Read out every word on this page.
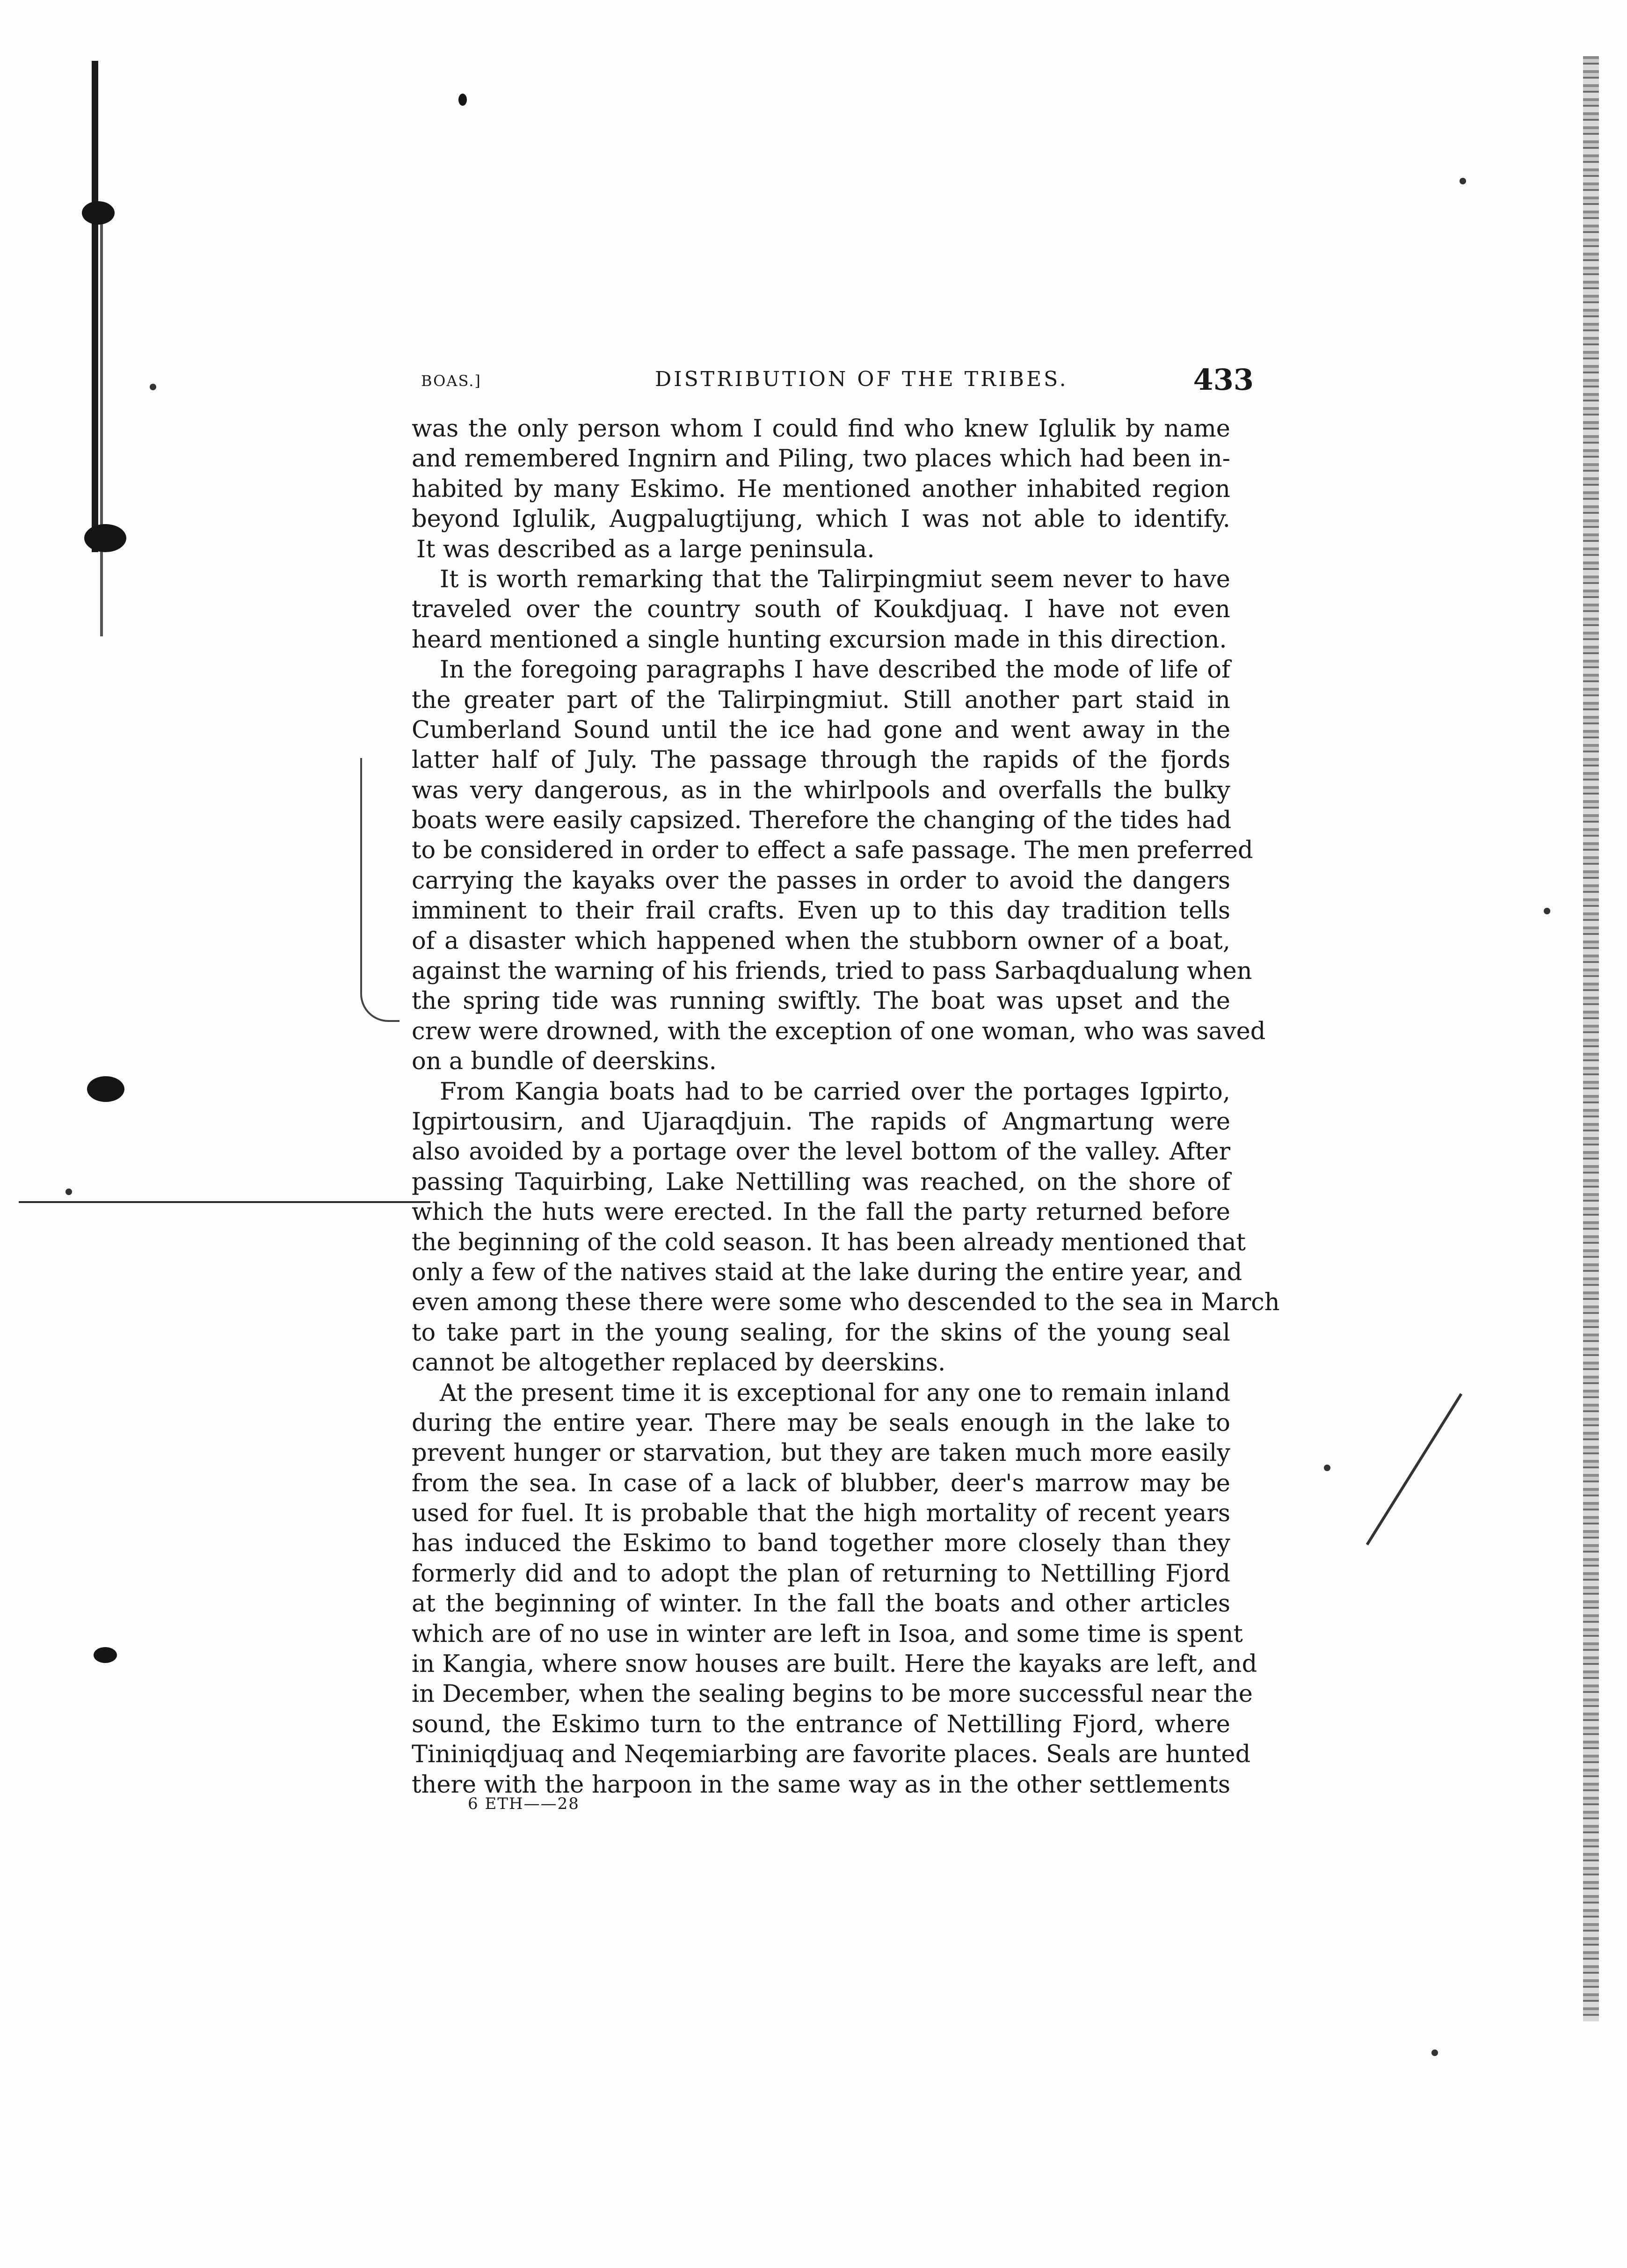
BOAS.]	DISTRIBUTION OF THE TRIBES.	433
was the only person whom I could find who knew Iglulik by name
and remembered Ingnirn and Piling, two places which had been in-
habited by many Eskimo. He mentioned another inhabited region
beyond Iglulik, Augpalugtijung, which I was not able to identify.
It was described as a large peninsula.
It is worth remarking that the Talirpingmiut seem never to have
traveled over the country south of Koukdjuaq. I have not even
heard mentioned a single hunting excursion made in this direction.
In the foregoing paragraphs I have described the mode of life of
the greater part of the Talirpingmiut. Still another part staid in
Cumberland Sound until the ice had gone and went away in the
latter half of July. The passage through the rapids of the fjords
was very dangerous, as in the whirlpools and overfalls the bulky
boats were easily capsized. Therefore the changing of the tides had
to be considered in order to effect a safe passage. The men preferred
carrying the kayaks over the passes in order to avoid the dangers
imminent to their frail crafts. Even up to this day tradition tells
of a disaster which happened when the stubborn owner of a boat,
against the warning of his friends, tried to pass Sarbaqdualung when
the spring tide was running swiftly. The boat was upset and the
crew were drowned, with the exception of one woman, who was saved
on a bundle of deerskins.
From Kangia boats had to be carried over the portages Igpirto,
Igpirtousirn, and Ujaraqdjuin. The rapids of Angmartung were
also avoided by a portage over the level bottom of the valley. After
passing Taquirbing, Lake Nettilling was reached, on the shore of
which the huts were erected. In the fall the party returned before
the beginning of the cold season. It has been already mentioned that
only a few of the natives staid at the lake during the entire year, and
even among these there were some who descended to the sea in March
to take part in the young sealing, for the skins of the young seal
cannot be altogether replaced by deerskins.
At the present time it is exceptional for any one to remain inland
during the entire year. There may be seals enough in the lake to
prevent hunger or starvation, but they are taken much more easily
from the sea. In case of a lack of blubber, deer's marrow may be
used for fuel. It is probable that the high mortality of recent years
has induced the Eskimo to band together more closely than they
formerly did and to adopt the plan of returning to Nettilling Fjord
at the beginning of winter. In the fall the boats and other articles
which are of no use in winter are left in Isoa, and some time is spent
in Kangia, where snow houses are built. Here the kayaks are left, and
in December, when the sealing begins to be more successful near the
sound, the Eskimo turn to the entrance of Nettilling Fjord, where
Tininiqdjuaq and Neqemiarbing are favorite places. Seals are hunted
there with the harpoon in the same way as in the other settlements
6 ETH——28
